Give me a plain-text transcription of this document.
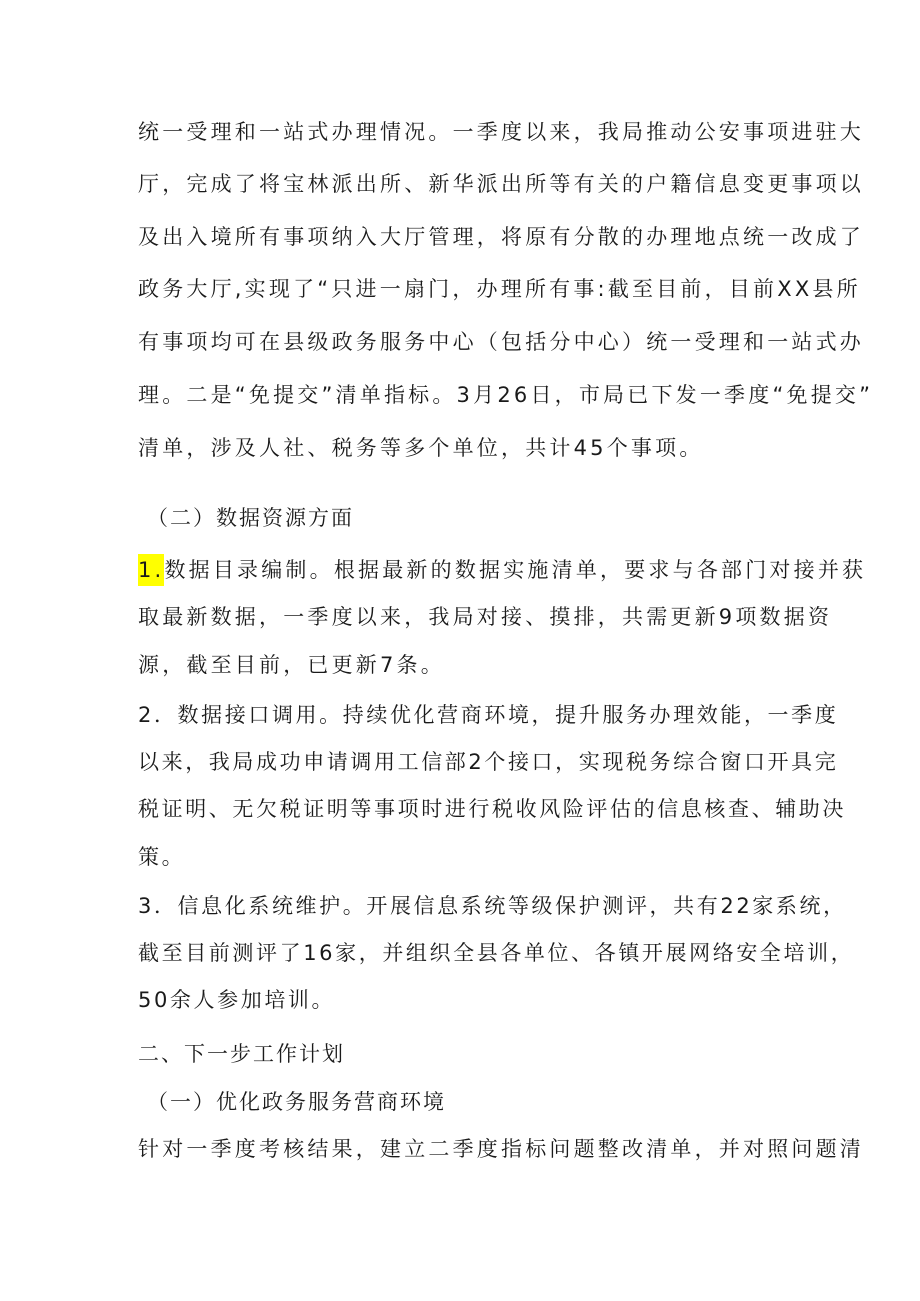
统一受理和一站式办理情况。一季度以来，我局推动公安事项进驻大
厅，完成了将宝林派出所、新华派出所等有关的户籍信息变更事项以
及出入境所有事项纳入大厅管理，将原有分散的办理地点统一改成了
政务大厅,实现了“只进一扇门，办理所有事:截至目前，目前XX县所
有事项均可在县级政务服务中心（包括分中心）统一受理和一站式办
理。二是“免提交”清单指标。3月26日，市局已下发一季度“免提交”
清单，涉及人社、税务等多个单位，共计45个事项。
（二）数据资源方面
1.数据目录编制。根据最新的数据实施清单，要求与各部门对接并获
取最新数据，一季度以来，我局对接、摸排，共需更新9项数据资
源，截至目前，已更新7条。
2．数据接口调用。持续优化营商环境，提升服务办理效能，一季度
以来，我局成功申请调用工信部2个接口，实现税务综合窗口开具完
税证明、无欠税证明等事项时进行税收风险评估的信息核查、辅助决
策。
3．信息化系统维护。开展信息系统等级保护测评，共有22家系统，
截至目前测评了16家，并组织全县各单位、各镇开展网络安全培训，
50余人参加培训。
二、下一步工作计划
（一）优化政务服务营商环境
针对一季度考核结果，建立二季度指标问题整改清单，并对照问题清
